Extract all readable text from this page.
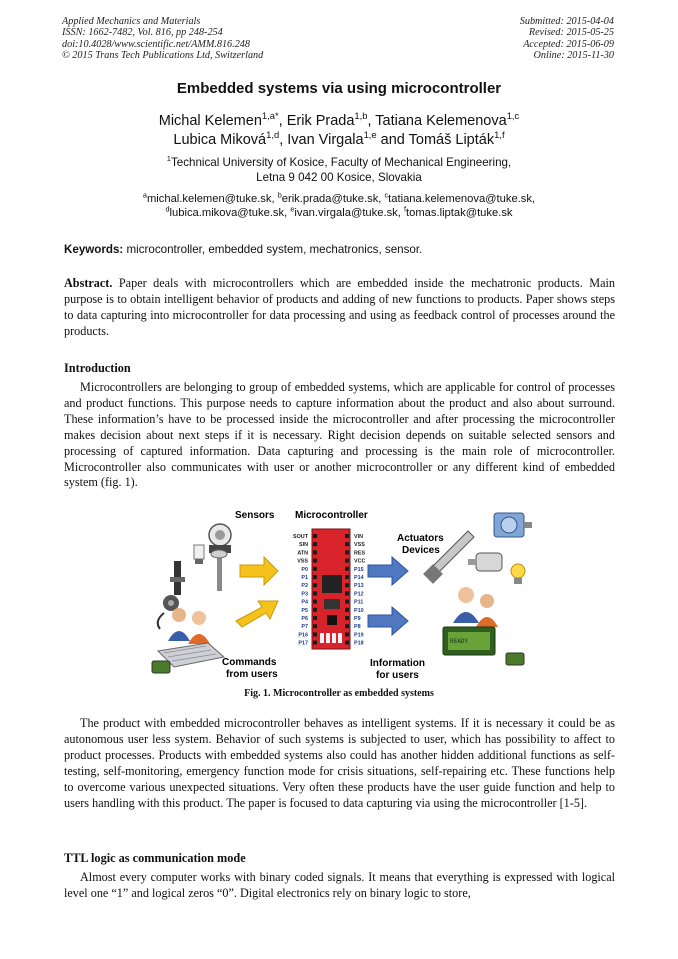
Applied Mechanics and Materials
ISSN: 1662-7482, Vol. 816, pp 248-254
doi:10.4028/www.scientific.net/AMM.816.248
© 2015 Trans Tech Publications Ltd, Switzerland
Submitted: 2015-04-04
Revised: 2015-05-25
Accepted: 2015-06-09
Online: 2015-11-30
Embedded systems via using microcontroller
Michal Kelemen$^{1,a*}$, Erik Prada$^{1,b}$, Tatiana Kelemenova$^{1,c}$
Lubica Miková$^{1,d}$, Ivan Virgala$^{1,e}$ and Tomáš Lipták$^{1,f}$
$^1$Technical University of Kosice, Faculty of Mechanical Engineering,
Letna 9 042 00 Kosice, Slovakia
$^a$michal.kelemen@tuke.sk, $^b$erik.prada@tuke.sk, $^c$tatiana.kelemenova@tuke.sk,
$^d$lubica.mikova@tuke.sk, $^e$ivan.virgala@tuke.sk, $^f$tomas.liptak@tuke.sk
Keywords: microcontroller, embedded system, mechatronics, sensor.
Abstract. Paper deals with microcontrollers which are embedded inside the mechatronic products. Main purpose is to obtain intelligent behavior of products and adding of new functions to products. Paper shows steps to data capturing into microcontroller for data processing and using as feedback control of processes around the products.
Introduction
Microcontrollers are belonging to group of embedded systems, which are applicable for control of processes and product functions. This purpose needs to capture information about the product and also about surround. These information’s have to be processed inside the microcontroller and after processing the microcontroller makes decision about next steps if it is necessary. Right decision depends on suitable selected sensors and processing of captured information. Data capturing and processing is the main role of microcontroller. Microcontroller also communicates with user or another microcontroller or any different kind of embedded system (fig. 1).
SOUT
SIN
ATN
VSS
P0
P1
P2
P3
P4
P5
P6
P7
P16
P17
VIN
VSS
RES
VCC
P15
P14
P13
P12
P11
P10
P9
P8
P19
P18	READY
Sensors Microcontroller
Actuators
Devices
Commands
from users
Information
for users
Fig. 1. Microcontroller as embedded systems
The product with embedded microcontroller behaves as intelligent systems. If it is necessary it could be as autonomous user less system. Behavior of such systems is subjected to user, which has possibility to affect to product processes. Products with embedded systems also could has another hidden additional functions as self-testing, self-monitoring, emergency function mode for crisis situations, self-repairing etc. These functions help to overcome various unexpected situations. Very often these products have the user guide function and help to users handling with this product. The paper is focused to data capturing via using the microcontroller [1-5].
TTL logic as communication mode
Almost every computer works with binary coded signals. It means that everything is expressed with logical level one “1” and logical zeros “0”. Digital electronics rely on binary logic to store,
